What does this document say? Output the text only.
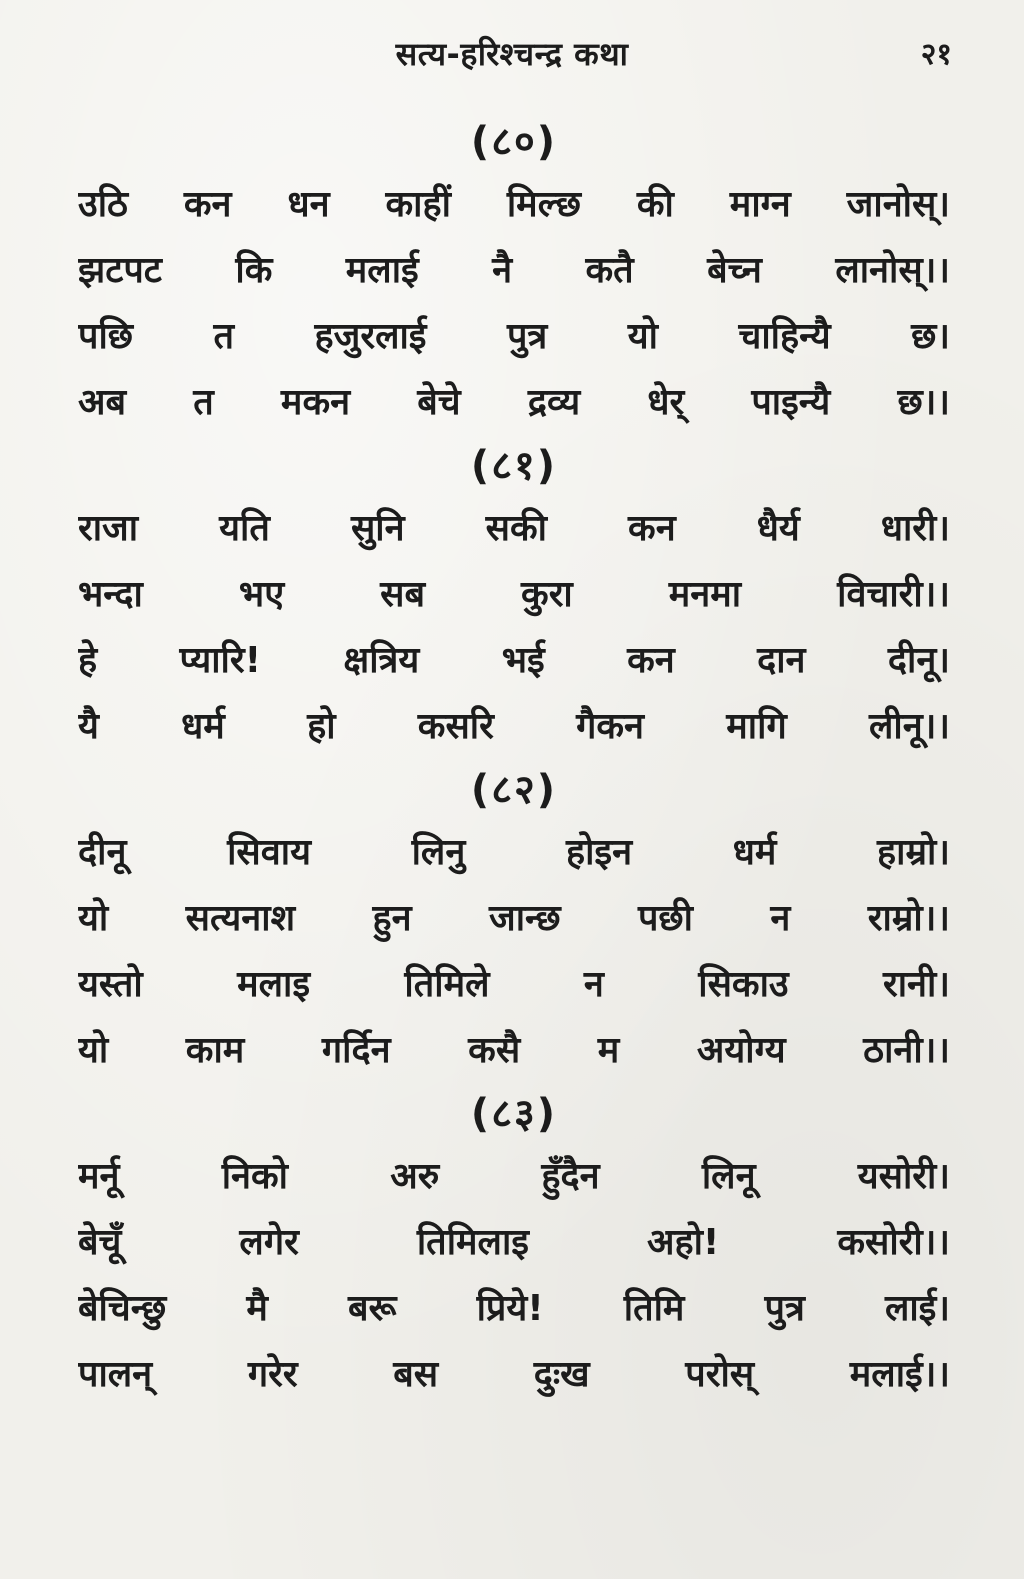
सत्य-हरिश्चन्द्र कथा	२१
(८०)
उठि कन धन काहीं मिल्छ की माग्न जानोस्।
झटपट कि मलाई नै कतै बेच्न लानोस्।।
पछि त हजुरलाई पुत्र यो चाहिन्यै छ।
अब त मकन बेचे द्रव्य धेर् पाइन्यै छ।।
(८१)
राजा यति सुनि सकी कन धैर्य धारी।
भन्दा भए सब कुरा मनमा विचारी।।
हे प्यारि! क्षत्रिय भई कन दान दीनू।
यै धर्म हो कसरि गैकन मागि लीनू।।
(८२)
दीनू सिवाय लिनु होइन धर्म हाम्रो।
यो सत्यनाश हुन जान्छ पछी न राम्रो।।
यस्तो मलाइ तिमिले न सिकाउ रानी।
यो काम गर्दिन कसै म अयोग्य ठानी।।
(८३)
मर्नू निको अरु हुँदैन लिनू यसोरी।
बेचूँ लगेर तिमिलाइ अहो! कसोरी।।
बेचिन्छु मै बरू प्रिये! तिमि पुत्र लाई।
पालन् गरेर बस दुःख परोस् मलाई।।
